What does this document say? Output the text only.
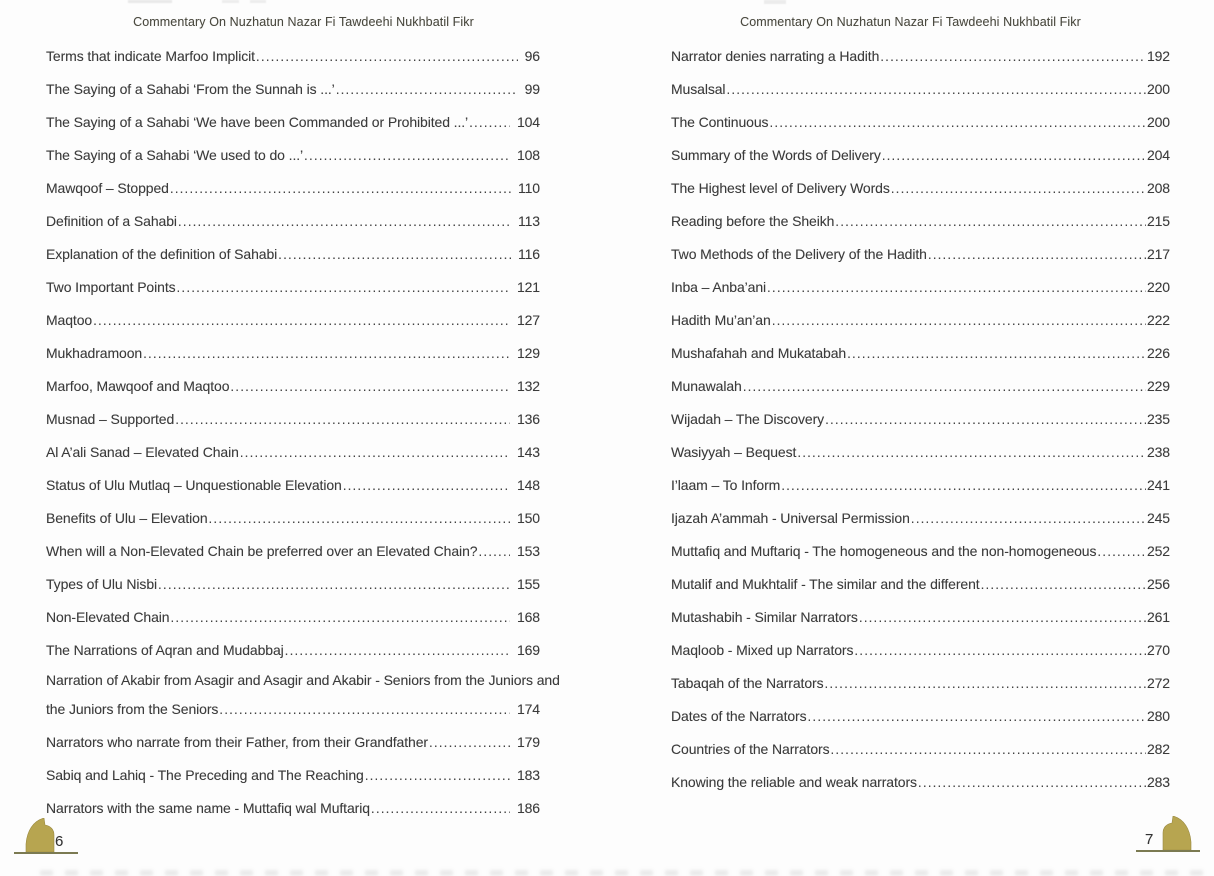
Commentary On Nuzhatun Nazar Fi Tawdeehi Nukhbatil Fikr
Terms that indicate Marfoo Implicit .....	96
The Saying of a Sahabi ‘From the Sunnah is ...’ .....	99
The Saying of a Sahabi ‘We have been Commanded or Prohibited ...’ .....	104
The Saying of a Sahabi ‘We used to do ...’ .....	108
Mawqoof – Stopped .....	110
Definition of a Sahabi .....	113
Explanation of the definition of Sahabi .....	116
Two Important Points .....	121
Maqtoo .....	127
Mukhadramoon .....	129
Marfoo, Mawqoof and Maqtoo .....	132
Musnad – Supported .....	136
Al A’ali Sanad – Elevated Chain .....	143
Status of Ulu Mutlaq – Unquestionable Elevation .....	148
Benefits of Ulu – Elevation .....	150
When will a Non-Elevated Chain be preferred over an Elevated Chain? .....	153
Types of Ulu Nisbi .....	155
Non-Elevated Chain .....	168
The Narrations of Aqran and Mudabbaj .....	169
Narration of Akabir from Asagir and Asagir and Akabir - Seniors from the Juniors and
the Juniors from the Seniors .....	174
Narrators who narrate from their Father, from their Grandfather .....	179
Sabiq and Lahiq - The Preceding and The Reaching .....	183
Narrators with the same name - Muttafiq wal Muftariq .....	186
6
Commentary On Nuzhatun Nazar Fi Tawdeehi Nukhbatil Fikr
Narrator denies narrating a Hadith .....	192
Musalsal .....	200
The Continuous .....	200
Summary of the Words of Delivery .....	204
The Highest level of Delivery Words .....	208
Reading before the Sheikh .....	215
Two Methods of the Delivery of the Hadith .....	217
Inba – Anba’ani .....	220
Hadith Mu’an’an .....	222
Mushafahah and Mukatabah .....	226
Munawalah .....	229
Wijadah – The Discovery .....	235
Wasiyyah – Bequest .....	238
I’laam – To Inform .....	241
Ijazah A’ammah - Universal Permission .....	245
Muttafiq and Muftariq - The homogeneous and the non-homogeneous .....	252
Mutalif and Mukhtalif - The similar and the different .....	256
Mutashabih - Similar Narrators .....	261
Maqloob - Mixed up Narrators .....	270
Tabaqah of the Narrators .....	272
Dates of the Narrators .....	280
Countries of the Narrators .....	282
Knowing the reliable and weak narrators .....	283
7
